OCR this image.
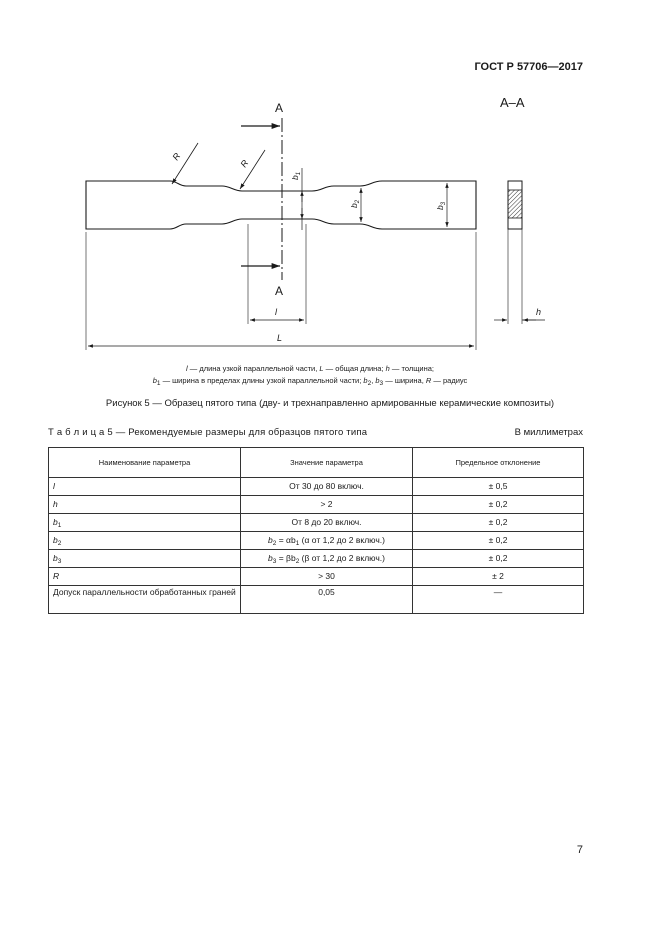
ГОСТ Р 57706—2017
А
А
R
R
$b_1$
$b_2$
$b_3$
l
L
А–А
h
l — длина узкой параллельной части, L — общая длина; h — толщина;
$b_1$ — ширина в пределах длины узкой параллельной части; $b_2$, $b_3$ — ширина, R — радиус
Рисунок 5 — Образец пятого типа (дву- и трехнаправленно армированные керамические композиты)
Т а б л и ц а 5 — Рекомендуемые размеры для образцов пятого типа	В миллиметрах
Наименование параметра	Значение параметра	Предельное отклонение
l	От 30 до 80 включ.	± 0,5
h	> 2	± 0,2
$b_1$	От 8 до 20 включ.	± 0,2
$b_2$	$b_2 = \alpha b_1$ (α от 1,2 до 2 включ.)	± 0,2
$b_3$	$b_3 = \beta b_2$ (β от 1,2 до 2 включ.)	± 0,2
R	> 30	± 2
Допуск параллельности обработанных граней	0,05	—
7
